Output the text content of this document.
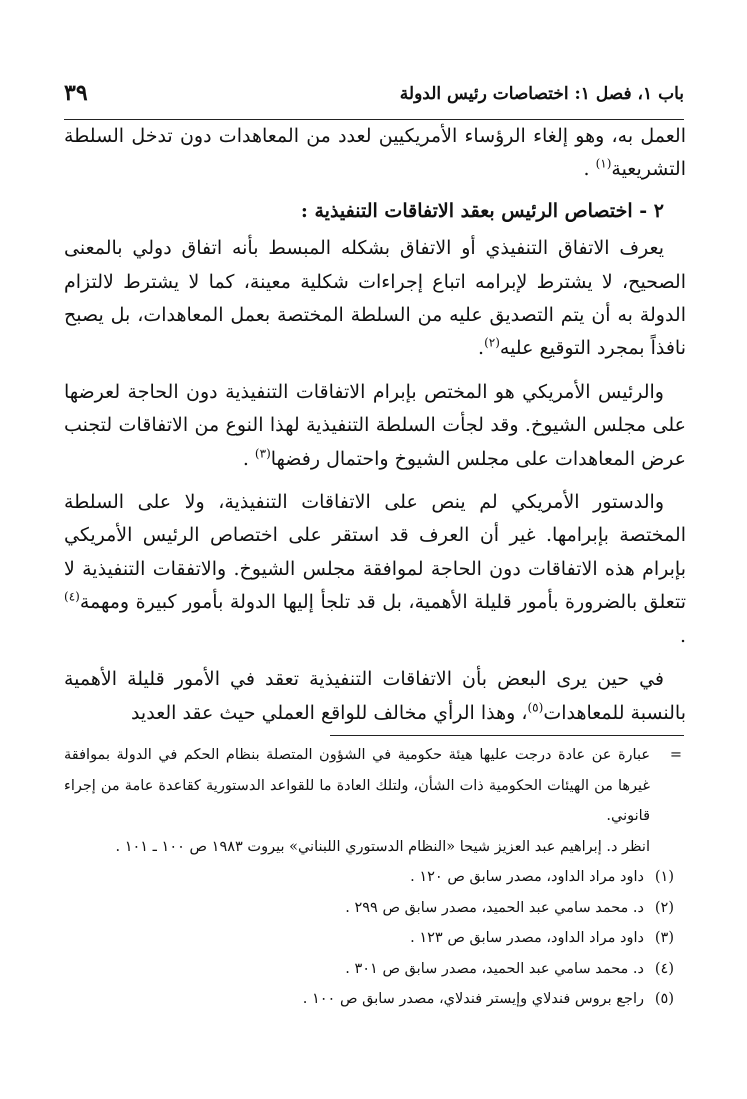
باب ١، فصل ١: اختصاصات رئيس الدولة
٣٩

العمل به، وهو إلغاء الرؤساء الأمريكيين لعدد من المعاهدات دون تدخل السلطة التشريعية$^{(١)}$ .

٢ - اختصاص الرئيس بعقد الاتفاقات التنفيذية :

يعرف الاتفاق التنفيذي أو الاتفاق بشكله المبسط بأنه اتفاق دولي بالمعنى الصحيح، لا يشترط لإبرامه اتباع إجراءات شكلية معينة، كما لا يشترط لالتزام الدولة به أن يتم التصديق عليه من السلطة المختصة بعمل المعاهدات، بل يصبح نافذاً بمجرد التوقيع عليه$^{(٢)}$.

والرئيس الأمريكي هو المختص بإبرام الاتفاقات التنفيذية دون الحاجة لعرضها على مجلس الشيوخ. وقد لجأت السلطة التنفيذية لهذا النوع من الاتفاقات لتجنب عرض المعاهدات على مجلس الشيوخ واحتمال رفضها$^{(٣)}$ .

والدستور الأمريكي لم ينص على الاتفاقات التنفيذية، ولا على السلطة المختصة بإبرامها. غير أن العرف قد استقر على اختصاص الرئيس الأمريكي بإبرام هذه الاتفاقات دون الحاجة لموافقة مجلس الشيوخ. والاتفقات التنفيذية لا تتعلق بالضرورة بأمور قليلة الأهمية، بل قد تلجأ إليها الدولة بأمور كبيرة ومهمة$^{(٤)}$ .

في حين يرى البعض بأن الاتفاقات التنفيذية تعقد في الأمور قليلة الأهمية بالنسبة للمعاهدات$^{(٥)}$، وهذا الرأي مخالف للواقع العملي حيث عقد العديد

=
عبارة عن عادة درجت عليها هيئة حكومية في الشؤون المتصلة بنظام الحكم في الدولة بموافقة غيرها من الهيئات الحكومية ذات الشأن، ولتلك العادة ما للقواعد الدستورية كقاعدة عامة من إجراء قانوني.
انظر د. إبراهيم عبد العزيز شيحا «النظام الدستوري اللبناني» بيروت ١٩٨٣ ص ١٠٠ ـ ١٠١ .
(١)
داود مراد الداود، مصدر سابق ص ١٢٠ .
(٢)
د. محمد سامي عبد الحميد، مصدر سابق ص ٢٩٩ .
(٣)
داود مراد الداود، مصدر سابق ص ١٢٣ .
(٤)
د. محمد سامي عبد الحميد، مصدر سابق ص ٣٠١ .
(٥)
راجع بروس فندلاي وإيستر فندلاي، مصدر سابق ص ١٠٠ .
